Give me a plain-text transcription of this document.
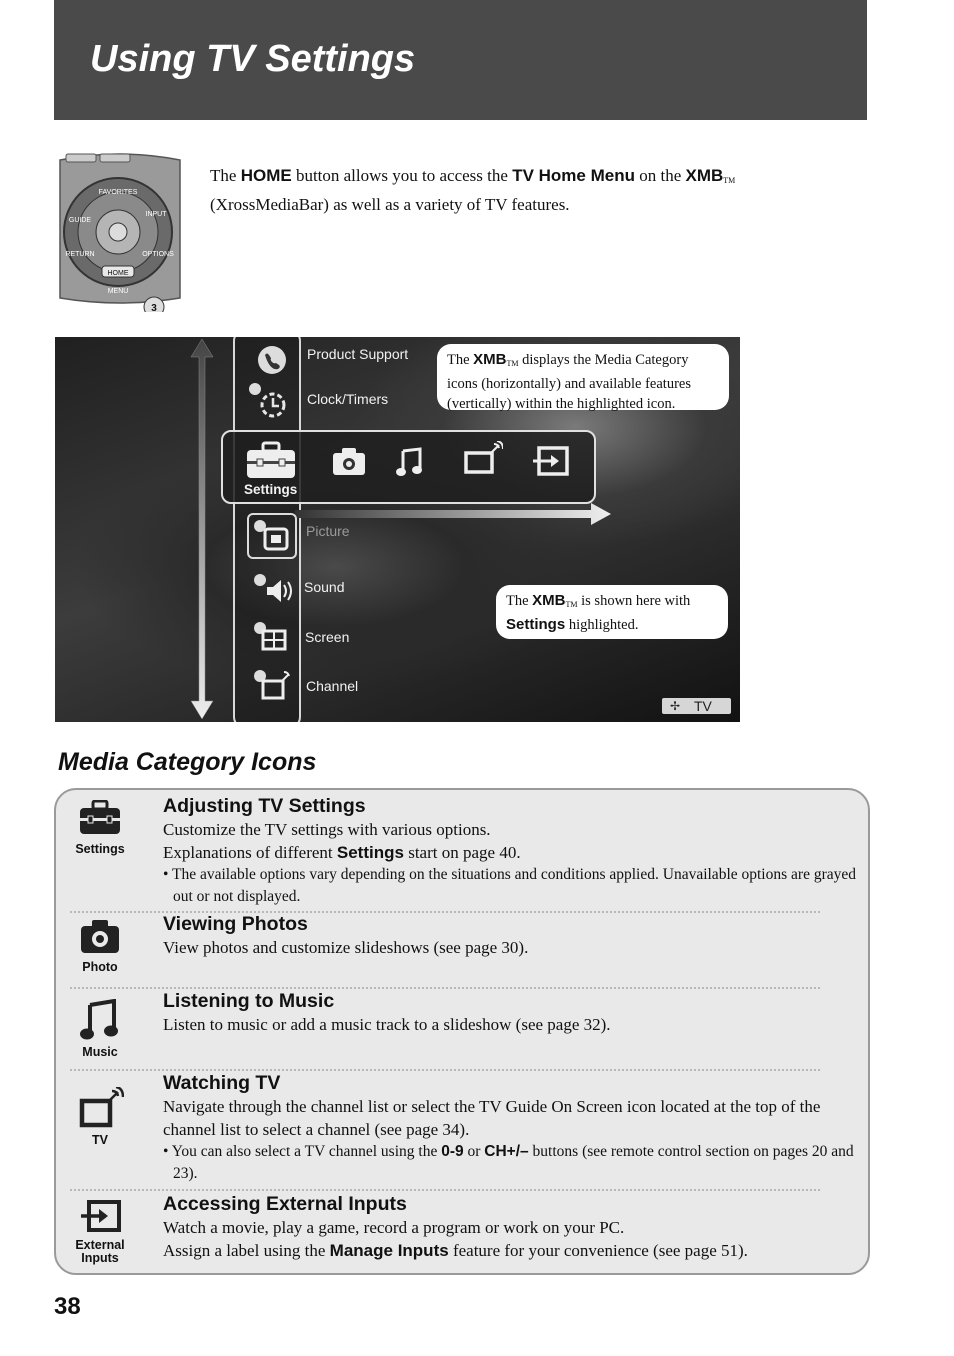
Using TV Settings
FAVORITES
GUIDE
INPUT
RETURN	OPTIONS
HOME
MENU
3

The HOME button allows you to access the TV Home Menu on the XMBTM
(XrossMediaBar) as well as a variety of TV features.

Product Support
Clock/Timers
Settings
Picture
Sound
Screen
Channel
The XMBTM displays the Media Category icons (horizontally) and available features (vertically) within the highlighted icon.
The XMBTM is shown here with Settings highlighted.
✢ TV
Media Category Icons
Settings
Adjusting TV Settings
Customize the TV settings with various options.
Explanations of different Settings start on page 40.
• The available options vary depending on the situations and conditions applied. Unavailable options are grayed out or not displayed.
Photo
Viewing Photos
View photos and customize slideshows (see page 30).
Music
Listening to Music
Listen to music or add a music track to a slideshow (see page 32).
TV
Watching TV
Navigate through the channel list or select the TV Guide On Screen icon located at the top of the channel list to select a channel (see page 34).
• You can also select a TV channel using the 0-9 or CH+/– buttons (see remote control section on pages 20 and 23).
External
Inputs
Accessing External Inputs
Watch a movie, play a game, record a program or work on your PC.
Assign a label using the Manage Inputs feature for your convenience (see page 51).
38
